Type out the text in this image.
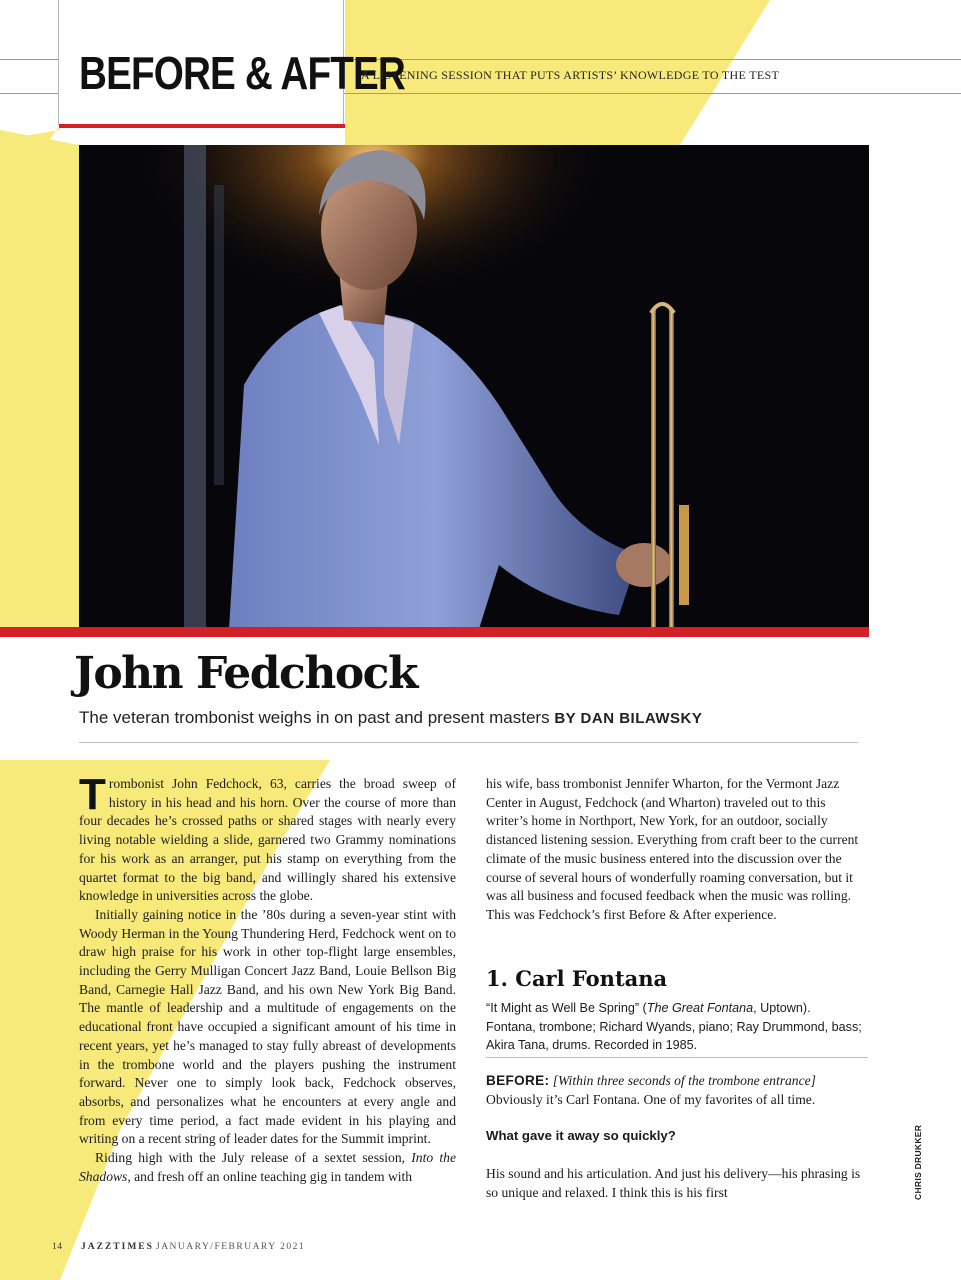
BEFORE & AFTER
A LISTENING SESSION THAT PUTS ARTISTS’ KNOWLEDGE TO THE TEST
John Fedchock
The veteran trombonist weighs in on past and present masters BY DAN BILAWSKY

Trombonist John Fedchock, 63, carries the broad sweep of history in his head and his horn. Over the course of more than four decades he’s crossed paths or shared stages with nearly every living notable wielding a slide, garnered two Grammy nominations for his work as an arranger, put his stamp on everything from the quartet format to the big band, and willingly shared his extensive knowledge in universities across the globe.

Initially gaining notice in the ’80s during a seven-year stint with Woody Herman in the Young Thundering Herd, Fedchock went on to draw high praise for his work in other top-flight large ensembles, including the Gerry Mulligan Concert Jazz Band, Louie Bellson Big Band, Carnegie Hall Jazz Band, and his own New York Big Band. The mantle of leadership and a multitude of engagements on the educational front have occupied a significant amount of his time in recent years, yet he’s managed to stay fully abreast of developments in the trombone world and the players pushing the instrument forward. Never one to simply look back, Fedchock observes, absorbs, and personalizes what he encounters at every angle and from every time period, a fact made evident in his playing and writing on a recent string of leader dates for the Summit imprint.

Riding high with the July release of a sextet session, Into the Shadows, and fresh off an online teaching gig in tandem with

his wife, bass trombonist Jennifer Wharton, for the Vermont Jazz Center in August, Fedchock (and Wharton) traveled out to this writer’s home in Northport, New York, for an outdoor, socially distanced listening session. Everything from craft beer to the current climate of the music business entered into the discussion over the course of several hours of wonderfully roaming conversation, but it was all business and focused feedback when the music was rolling. This was Fedchock’s first Before & After experience.

1. Carl Fontana
“It Might as Well Be Spring” (The Great Fontana, Uptown).
Fontana, trombone; Richard Wyands, piano; Ray Drummond, bass; Akira Tana, drums. Recorded in 1985.
BEFORE: [Within three seconds of the trombone entrance] Obviously it’s Carl Fontana. One of my favorites of all time.
What gave it away so quickly?
His sound and his articulation. And just his delivery—his phrasing is so unique and relaxed. I think this is his first	CHRIS DRUKKER
14 JAZZTIMES JANUARY/FEBRUARY 2021
